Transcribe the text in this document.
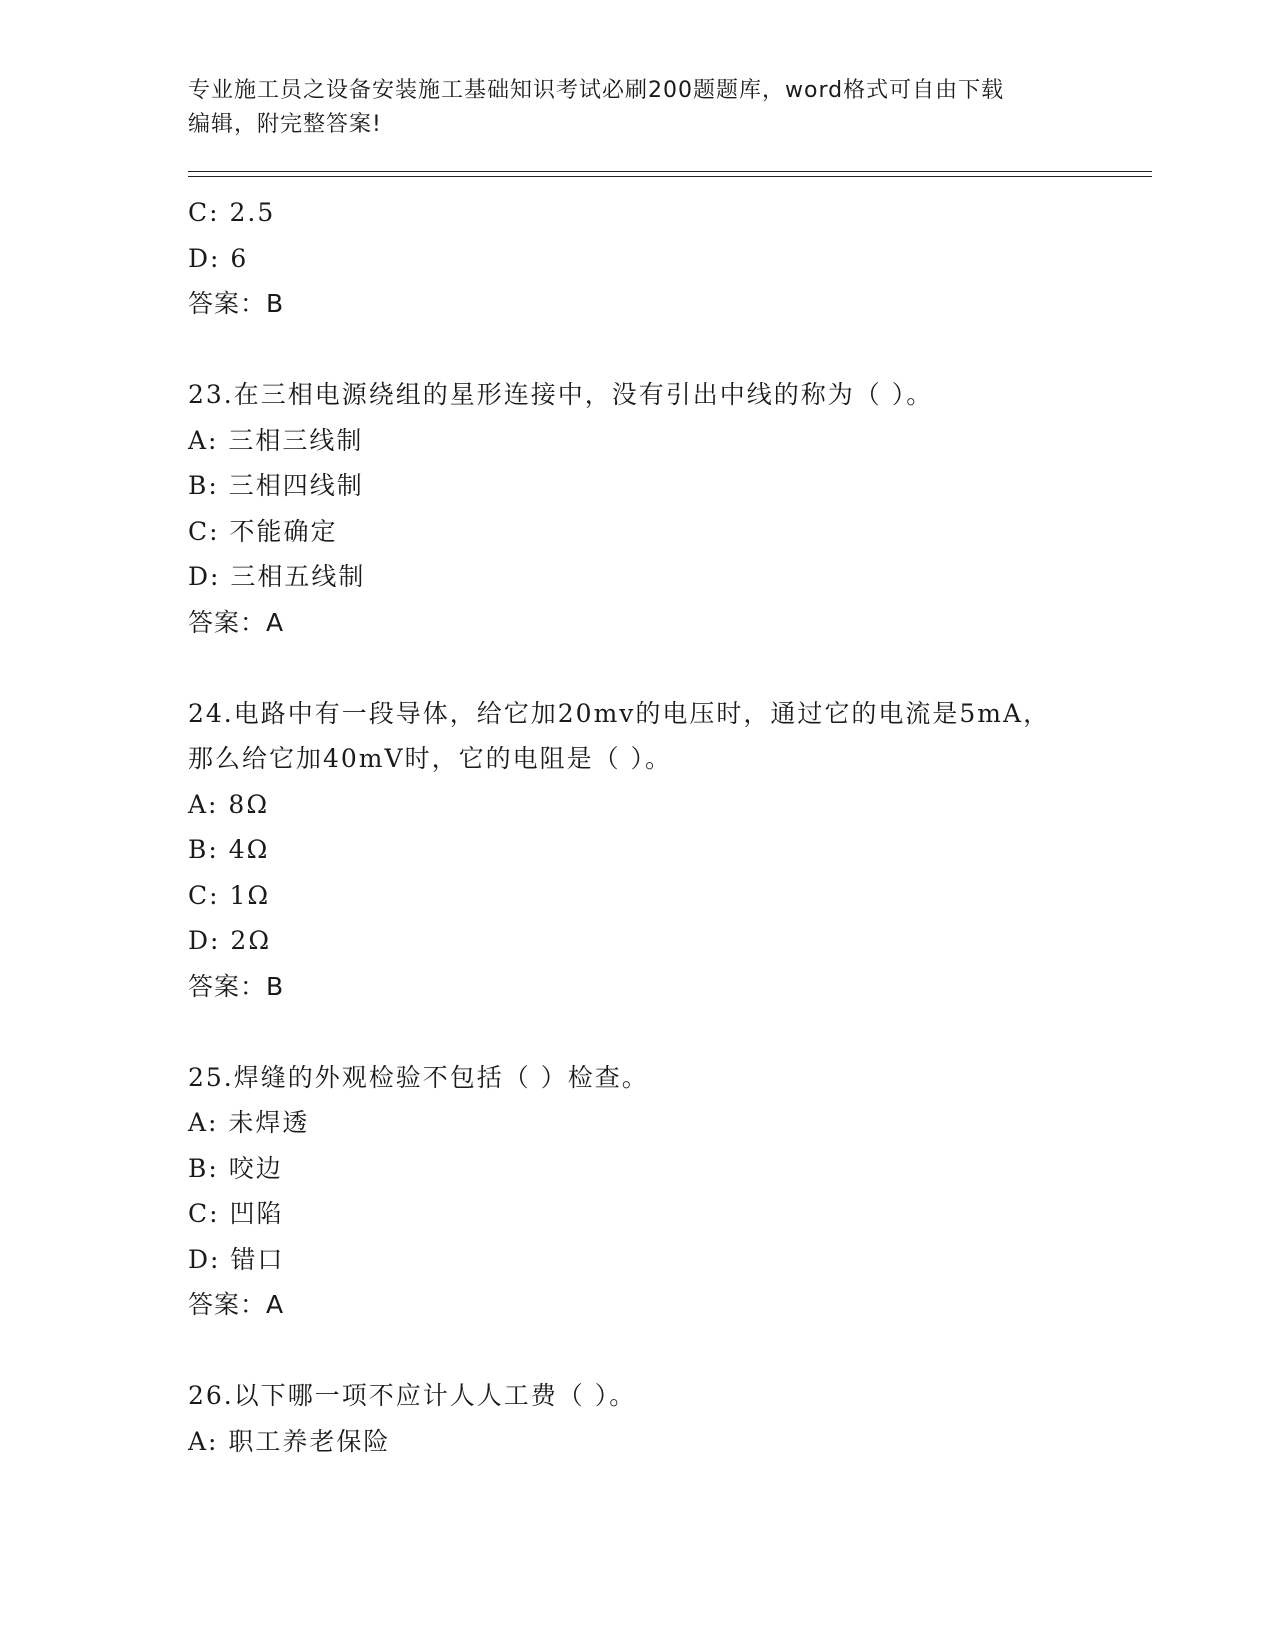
专业施工员之设备安装施工基础知识考试必刷200题题库，word格式可自由下载
编辑，附完整答案!
C: 2.5
D: 6
答案：B
23.在三相电源绕组的星形连接中，没有引出中线的称为（ ）。
A: 三相三线制
B: 三相四线制
C: 不能确定
D: 三相五线制
答案：A
24.电路中有一段导体，给它加20mv的电压时，通过它的电流是5mA，
那么给它加40mV时，它的电阻是（ ）。
A: 8Ω
B: 4Ω
C: 1Ω
D: 2Ω
答案：B
25.焊缝的外观检验不包括（ ）检查。
A: 未焊透
B: 咬边
C: 凹陷
D: 错口
答案：A
26.以下哪一项不应计人人工费（ ）。
A: 职工养老保险
